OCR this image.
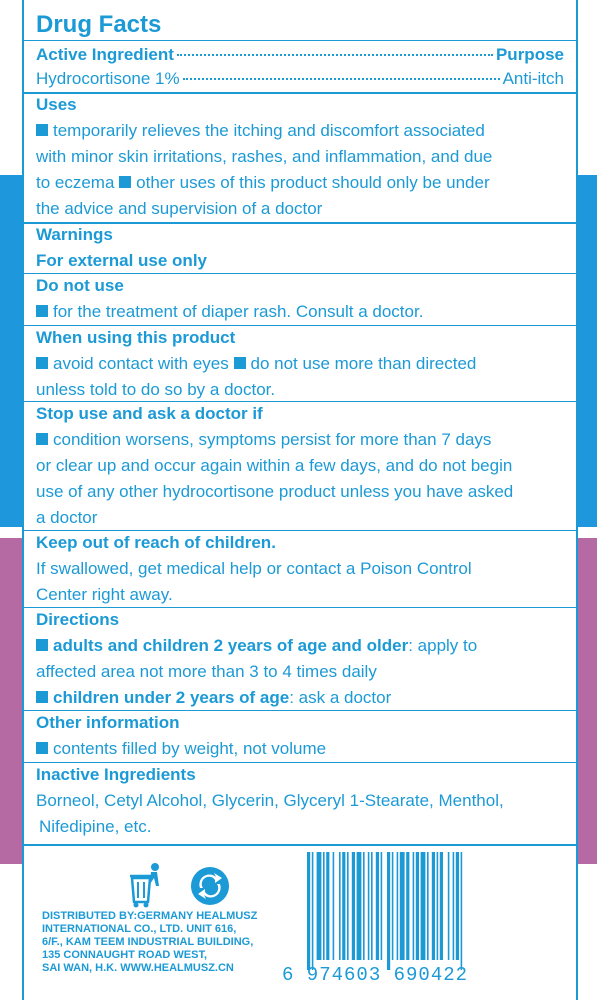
Drug Facts
Active Ingredient	Purpose
Hydrocortisone 1%	Anti-itch
Uses
temporarily relieves the itching and discomfort associated
with minor skin irritations, rashes, and inflammation, and due
to eczema other uses of this product should only be under
the advice and supervision of a doctor
Warnings
For external use only
Do not use
for the treatment of diaper rash. Consult a doctor.
When using this product
avoid contact with eyes do not use more than directed
unless told to do so by a doctor.
Stop use and ask a doctor if
condition worsens, symptoms persist for more than 7 days
or clear up and occur again within a few days, and do not begin
use of any other hydrocortisone product unless you have asked
a doctor
Keep out of reach of children.
If swallowed, get medical help or contact a Poison Control
Center right away.
Directions
adults and children 2 years of age and older: apply to
affected area not more than 3 to 4 times daily
children under 2 years of age: ask a doctor
Other information
contents filled by weight, not volume
Inactive Ingredients
Borneol, Cetyl Alcohol, Glycerin, Glyceryl 1-Stearate, Menthol,
Nifedipine, etc.
DISTRIBUTED BY:GERMANY HEALMUSZ
INTERNATIONAL CO., LTD. UNIT 616,
6/F., KAM TEEM INDUSTRIAL BUILDING,
135 CONNAUGHT ROAD WEST,
SAI WAN, H.K. WWW.HEALMUSZ.CN	6 974603 690422
